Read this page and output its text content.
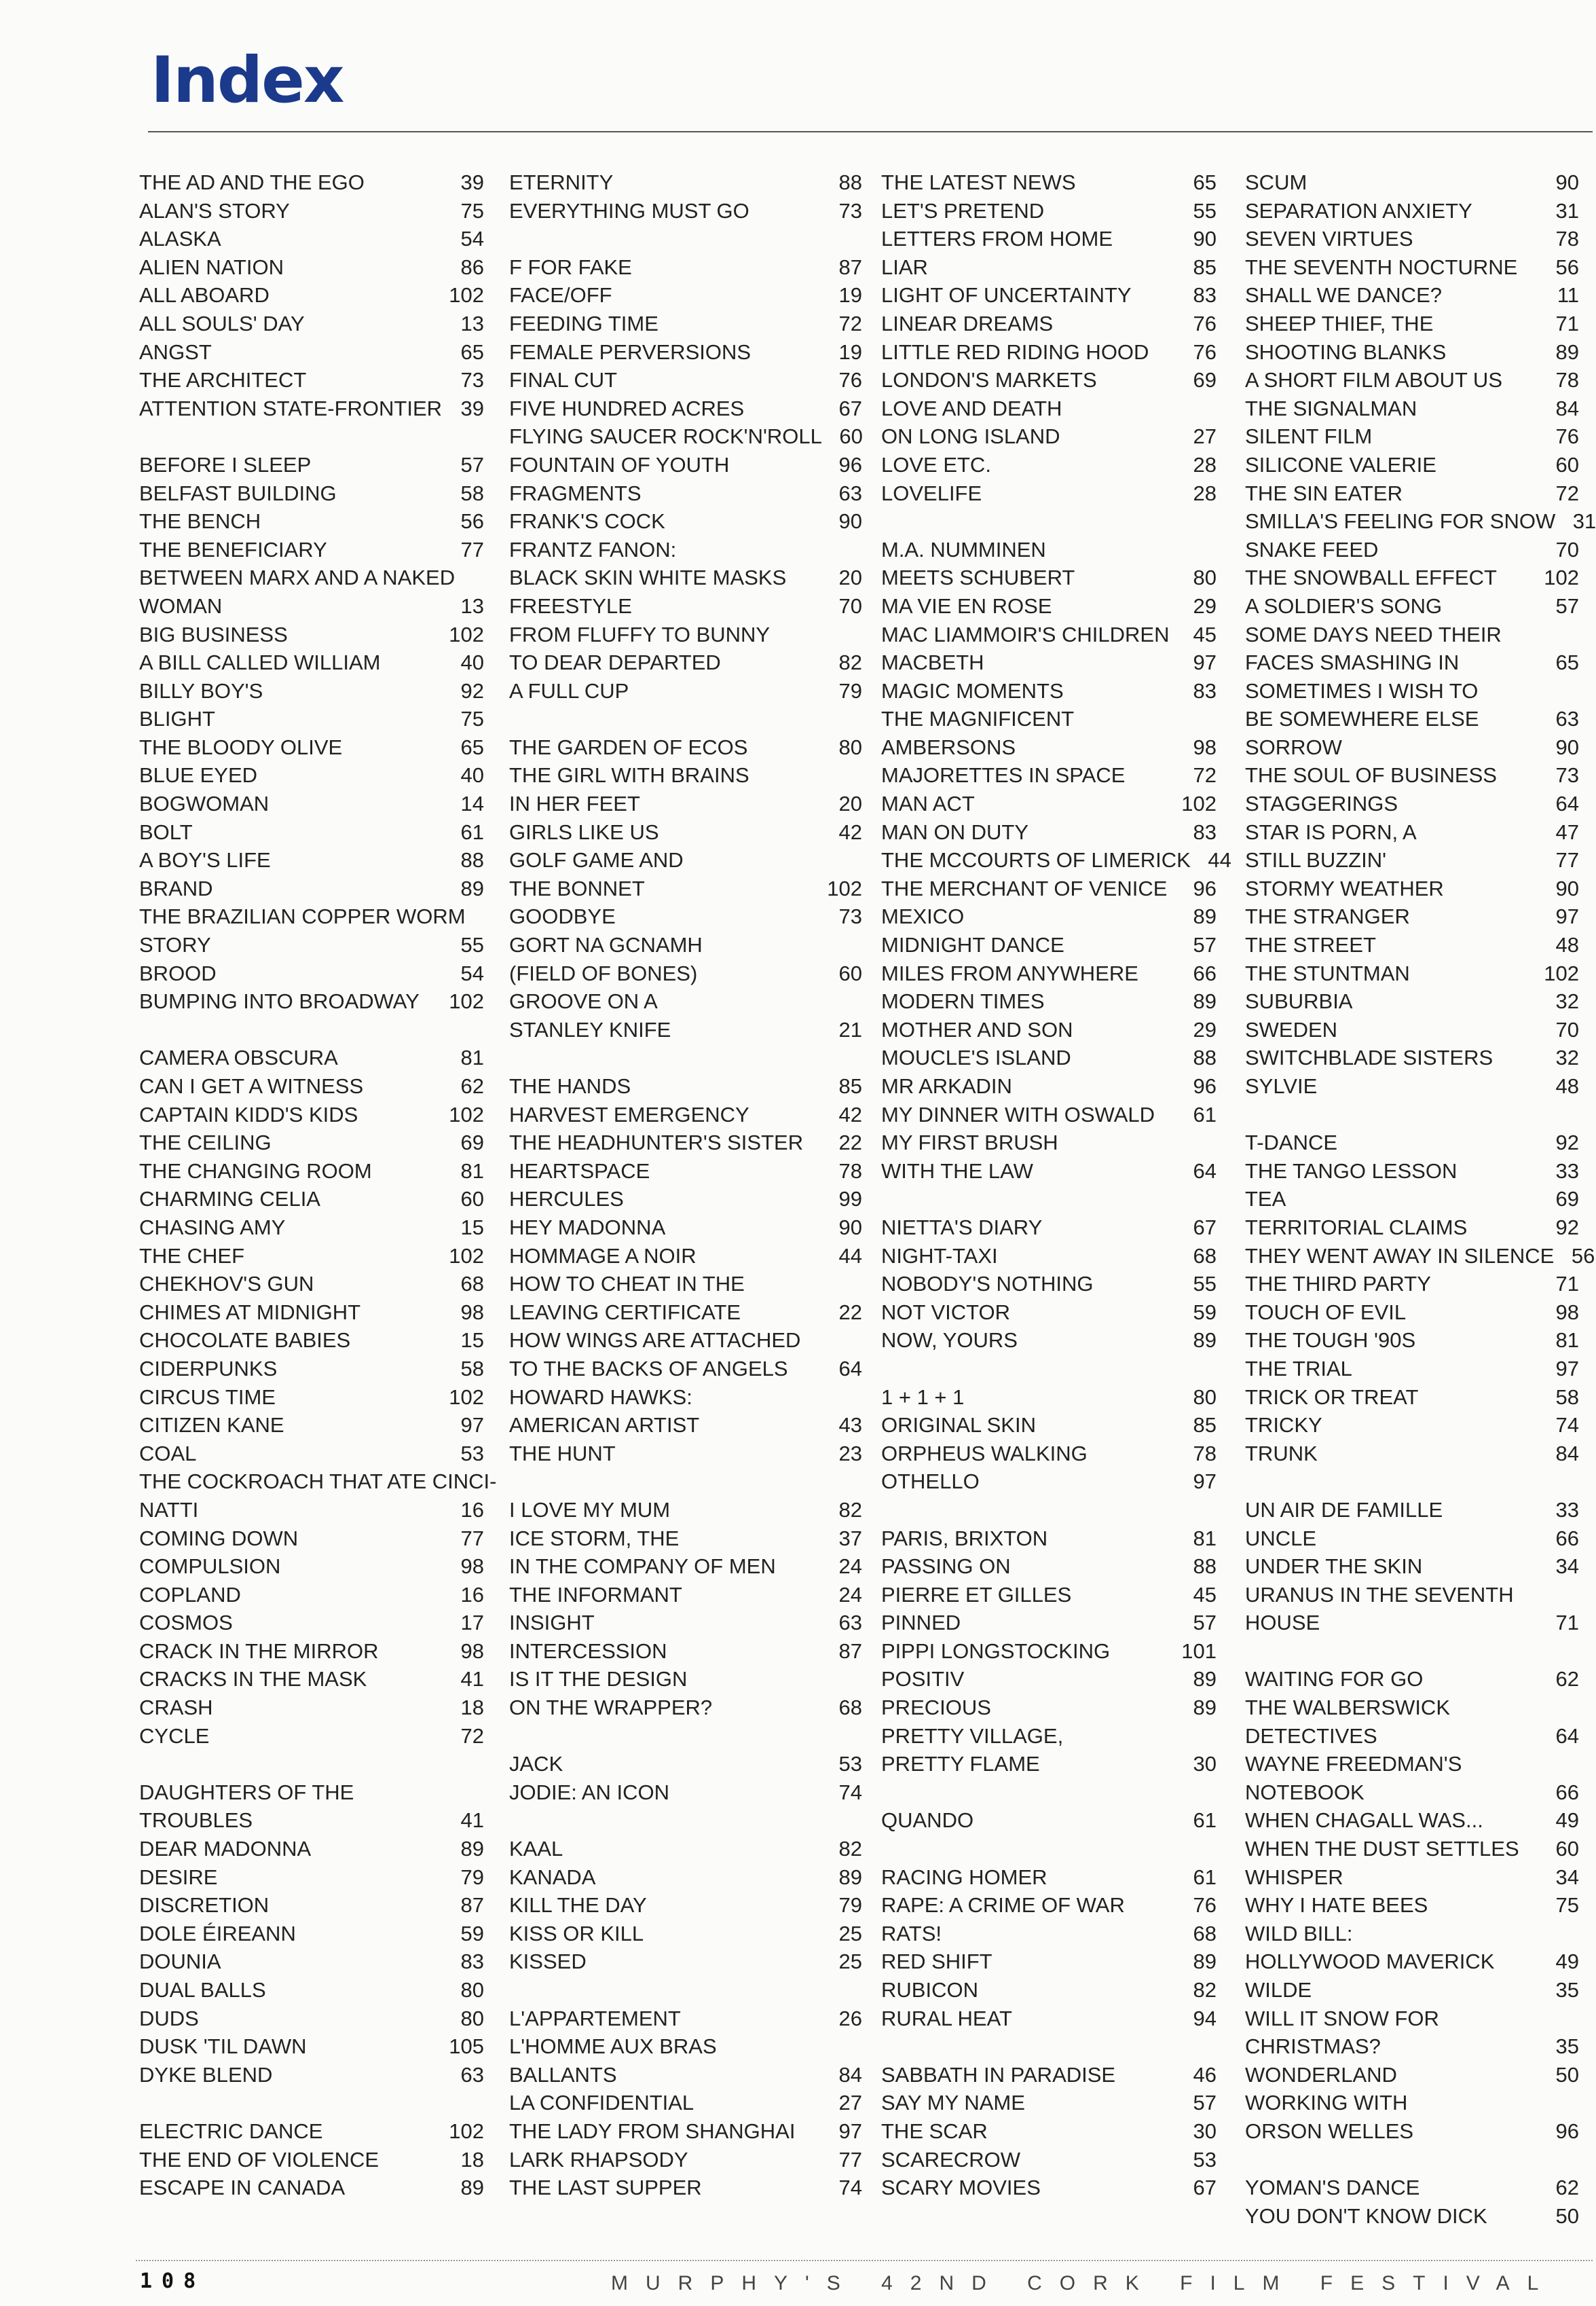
Index
THE AD AND THE EGO	39
ALAN'S STORY	75
ALASKA	54
ALIEN NATION	86
ALL ABOARD	102
ALL SOULS' DAY	13
ANGST	65
THE ARCHITECT	73
ATTENTION STATE-FRONTIER 39
BEFORE I SLEEP	57
BELFAST BUILDING	58
THE BENCH	56
THE BENEFICIARY	77
BETWEEN MARX AND A NAKED
WOMAN	13
BIG BUSINESS	102
A BILL CALLED WILLIAM	40
BILLY BOY'S	92
BLIGHT	75
THE BLOODY OLIVE	65
BLUE EYED	40
BOGWOMAN	14
BOLT	61
A BOY'S LIFE	88
BRAND	89
THE BRAZILIAN COPPER WORM
STORY	55
BROOD	54
BUMPING INTO BROADWAY	102
CAMERA OBSCURA	81
CAN I GET A WITNESS	62
CAPTAIN KIDD'S KIDS	102
THE CEILING	69
THE CHANGING ROOM	81
CHARMING CELIA	60
CHASING AMY	15
THE CHEF	102
CHEKHOV'S GUN	68
CHIMES AT MIDNIGHT	98
CHOCOLATE BABIES	15
CIDERPUNKS	58
CIRCUS TIME	102
CITIZEN KANE	97
COAL	53
THE COCKROACH THAT ATE CINCI-
NATTI	16
COMING DOWN	77
COMPULSION	98
COPLAND	16
COSMOS	17
CRACK IN THE MIRROR	98
CRACKS IN THE MASK	41
CRASH	18
CYCLE	72
DAUGHTERS OF THE
TROUBLES	41
DEAR MADONNA	89
DESIRE	79
DISCRETION	87
DOLE ÉIREANN	59
DOUNIA	83
DUAL BALLS	80
DUDS	80
DUSK 'TIL DAWN	105
DYKE BLEND	63
ELECTRIC DANCE	102
THE END OF VIOLENCE	18
ESCAPE IN CANADA	89
ETERNITY	88
EVERYTHING MUST GO	73
F FOR FAKE	87
FACE/OFF	19
FEEDING TIME	72
FEMALE PERVERSIONS	19
FINAL CUT	76
FIVE HUNDRED ACRES	67
FLYING SAUCER ROCK'N'ROLL 60
FOUNTAIN OF YOUTH	96
FRAGMENTS	63
FRANK'S COCK	90
FRANTZ FANON:
BLACK SKIN WHITE MASKS	20
FREESTYLE	70
FROM FLUFFY TO BUNNY
TO DEAR DEPARTED	82
A FULL CUP	79
THE GARDEN OF ECOS	80
THE GIRL WITH BRAINS
IN HER FEET	20
GIRLS LIKE US	42
GOLF GAME AND
THE BONNET	102
GOODBYE	73
GORT NA GCNAMH
(FIELD OF BONES)	60
GROOVE ON A
STANLEY KNIFE	21
THE HANDS	85
HARVEST EMERGENCY	42
THE HEADHUNTER'S SISTER	22
HEARTSPACE	78
HERCULES	99
HEY MADONNA	90
HOMMAGE A NOIR	44
HOW TO CHEAT IN THE
LEAVING CERTIFICATE	22
HOW WINGS ARE ATTACHED
TO THE BACKS OF ANGELS	64
HOWARD HAWKS:
AMERICAN ARTIST	43
THE HUNT	23
I LOVE MY MUM	82
ICE STORM, THE	37
IN THE COMPANY OF MEN	24
THE INFORMANT	24
INSIGHT	63
INTERCESSION	87
IS IT THE DESIGN
ON THE WRAPPER?	68
JACK	53
JODIE: AN ICON	74
KAAL	82
KANADA	89
KILL THE DAY	79
KISS OR KILL	25
KISSED	25
L'APPARTEMENT	26
L'HOMME AUX BRAS
BALLANTS	84
LA CONFIDENTIAL	27
THE LADY FROM SHANGHAI	97
LARK RHAPSODY	77
THE LAST SUPPER	74
THE LATEST NEWS	65
LET'S PRETEND	55
LETTERS FROM HOME	90
LIAR	85
LIGHT OF UNCERTAINTY	83
LINEAR DREAMS	76
LITTLE RED RIDING HOOD	76
LONDON'S MARKETS	69
LOVE AND DEATH
ON LONG ISLAND	27
LOVE ETC.	28
LOVELIFE	28
M.A. NUMMINEN
MEETS SCHUBERT	80
MA VIE EN ROSE	29
MAC LIAMMOIR'S CHILDREN	45
MACBETH	97
MAGIC MOMENTS	83
THE MAGNIFICENT
AMBERSONS	98
MAJORETTES IN SPACE	72
MAN ACT	102
MAN ON DUTY	83
THE MCCOURTS OF LIMERICK 44
THE MERCHANT OF VENICE	96
MEXICO	89
MIDNIGHT DANCE	57
MILES FROM ANYWHERE	66
MODERN TIMES	89
MOTHER AND SON	29
MOUCLE'S ISLAND	88
MR ARKADIN	96
MY DINNER WITH OSWALD	61
MY FIRST BRUSH
WITH THE LAW	64
NIETTA'S DIARY	67
NIGHT-TAXI	68
NOBODY'S NOTHING	55
NOT VICTOR	59
NOW, YOURS	89
1 + 1 + 1	80
ORIGINAL SKIN	85
ORPHEUS WALKING	78
OTHELLO	97
PARIS, BRIXTON	81
PASSING ON	88
PIERRE ET GILLES	45
PINNED	57
PIPPI LONGSTOCKING	101
POSITIV	89
PRECIOUS	89
PRETTY VILLAGE,
PRETTY FLAME	30
QUANDO	61
RACING HOMER	61
RAPE: A CRIME OF WAR	76
RATS!	68
RED SHIFT	89
RUBICON	82
RURAL HEAT	94
SABBATH IN PARADISE	46
SAY MY NAME	57
THE SCAR	30
SCARECROW	53
SCARY MOVIES	67
SCUM	90
SEPARATION ANXIETY	31
SEVEN VIRTUES	78
THE SEVENTH NOCTURNE	56
SHALL WE DANCE?	11
SHEEP THIEF, THE	71
SHOOTING BLANKS	89
A SHORT FILM ABOUT US	78
THE SIGNALMAN	84
SILENT FILM	76
SILICONE VALERIE	60
THE SIN EATER	72
SMILLA'S FEELING FOR SNOW 31
SNAKE FEED	70
THE SNOWBALL EFFECT	102
A SOLDIER'S SONG	57
SOME DAYS NEED THEIR
FACES SMASHING IN	65
SOMETIMES I WISH TO
BE SOMEWHERE ELSE	63
SORROW	90
THE SOUL OF BUSINESS	73
STAGGERINGS	64
STAR IS PORN, A	47
STILL BUZZIN'	77
STORMY WEATHER	90
THE STRANGER	97
THE STREET	48
THE STUNTMAN	102
SUBURBIA	32
SWEDEN	70
SWITCHBLADE SISTERS	32
SYLVIE	48
T-DANCE	92
THE TANGO LESSON	33
TEA	69
TERRITORIAL CLAIMS	92
THEY WENT AWAY IN SILENCE 56
THE THIRD PARTY	71
TOUCH OF EVIL	98
THE TOUGH '90S	81
THE TRIAL	97
TRICK OR TREAT	58
TRICKY	74
TRUNK	84
UN AIR DE FAMILLE	33
UNCLE	66
UNDER THE SKIN	34
URANUS IN THE SEVENTH
HOUSE	71
WAITING FOR GO	62
THE WALBERSWICK
DETECTIVES	64
WAYNE FREEDMAN'S
NOTEBOOK	66
WHEN CHAGALL WAS...	49
WHEN THE DUST SETTLES	60
WHISPER	34
WHY I HATE BEES	75
WILD BILL:
HOLLYWOOD MAVERICK	49
WILDE	35
WILL IT SNOW FOR
CHRISTMAS?	35
WONDERLAND	50
WORKING WITH
ORSON WELLES	96
YOMAN'S DANCE	62
YOU DON'T KNOW DICK	50
108	MURPHY'S 42ND CORK FILM FESTIVAL
